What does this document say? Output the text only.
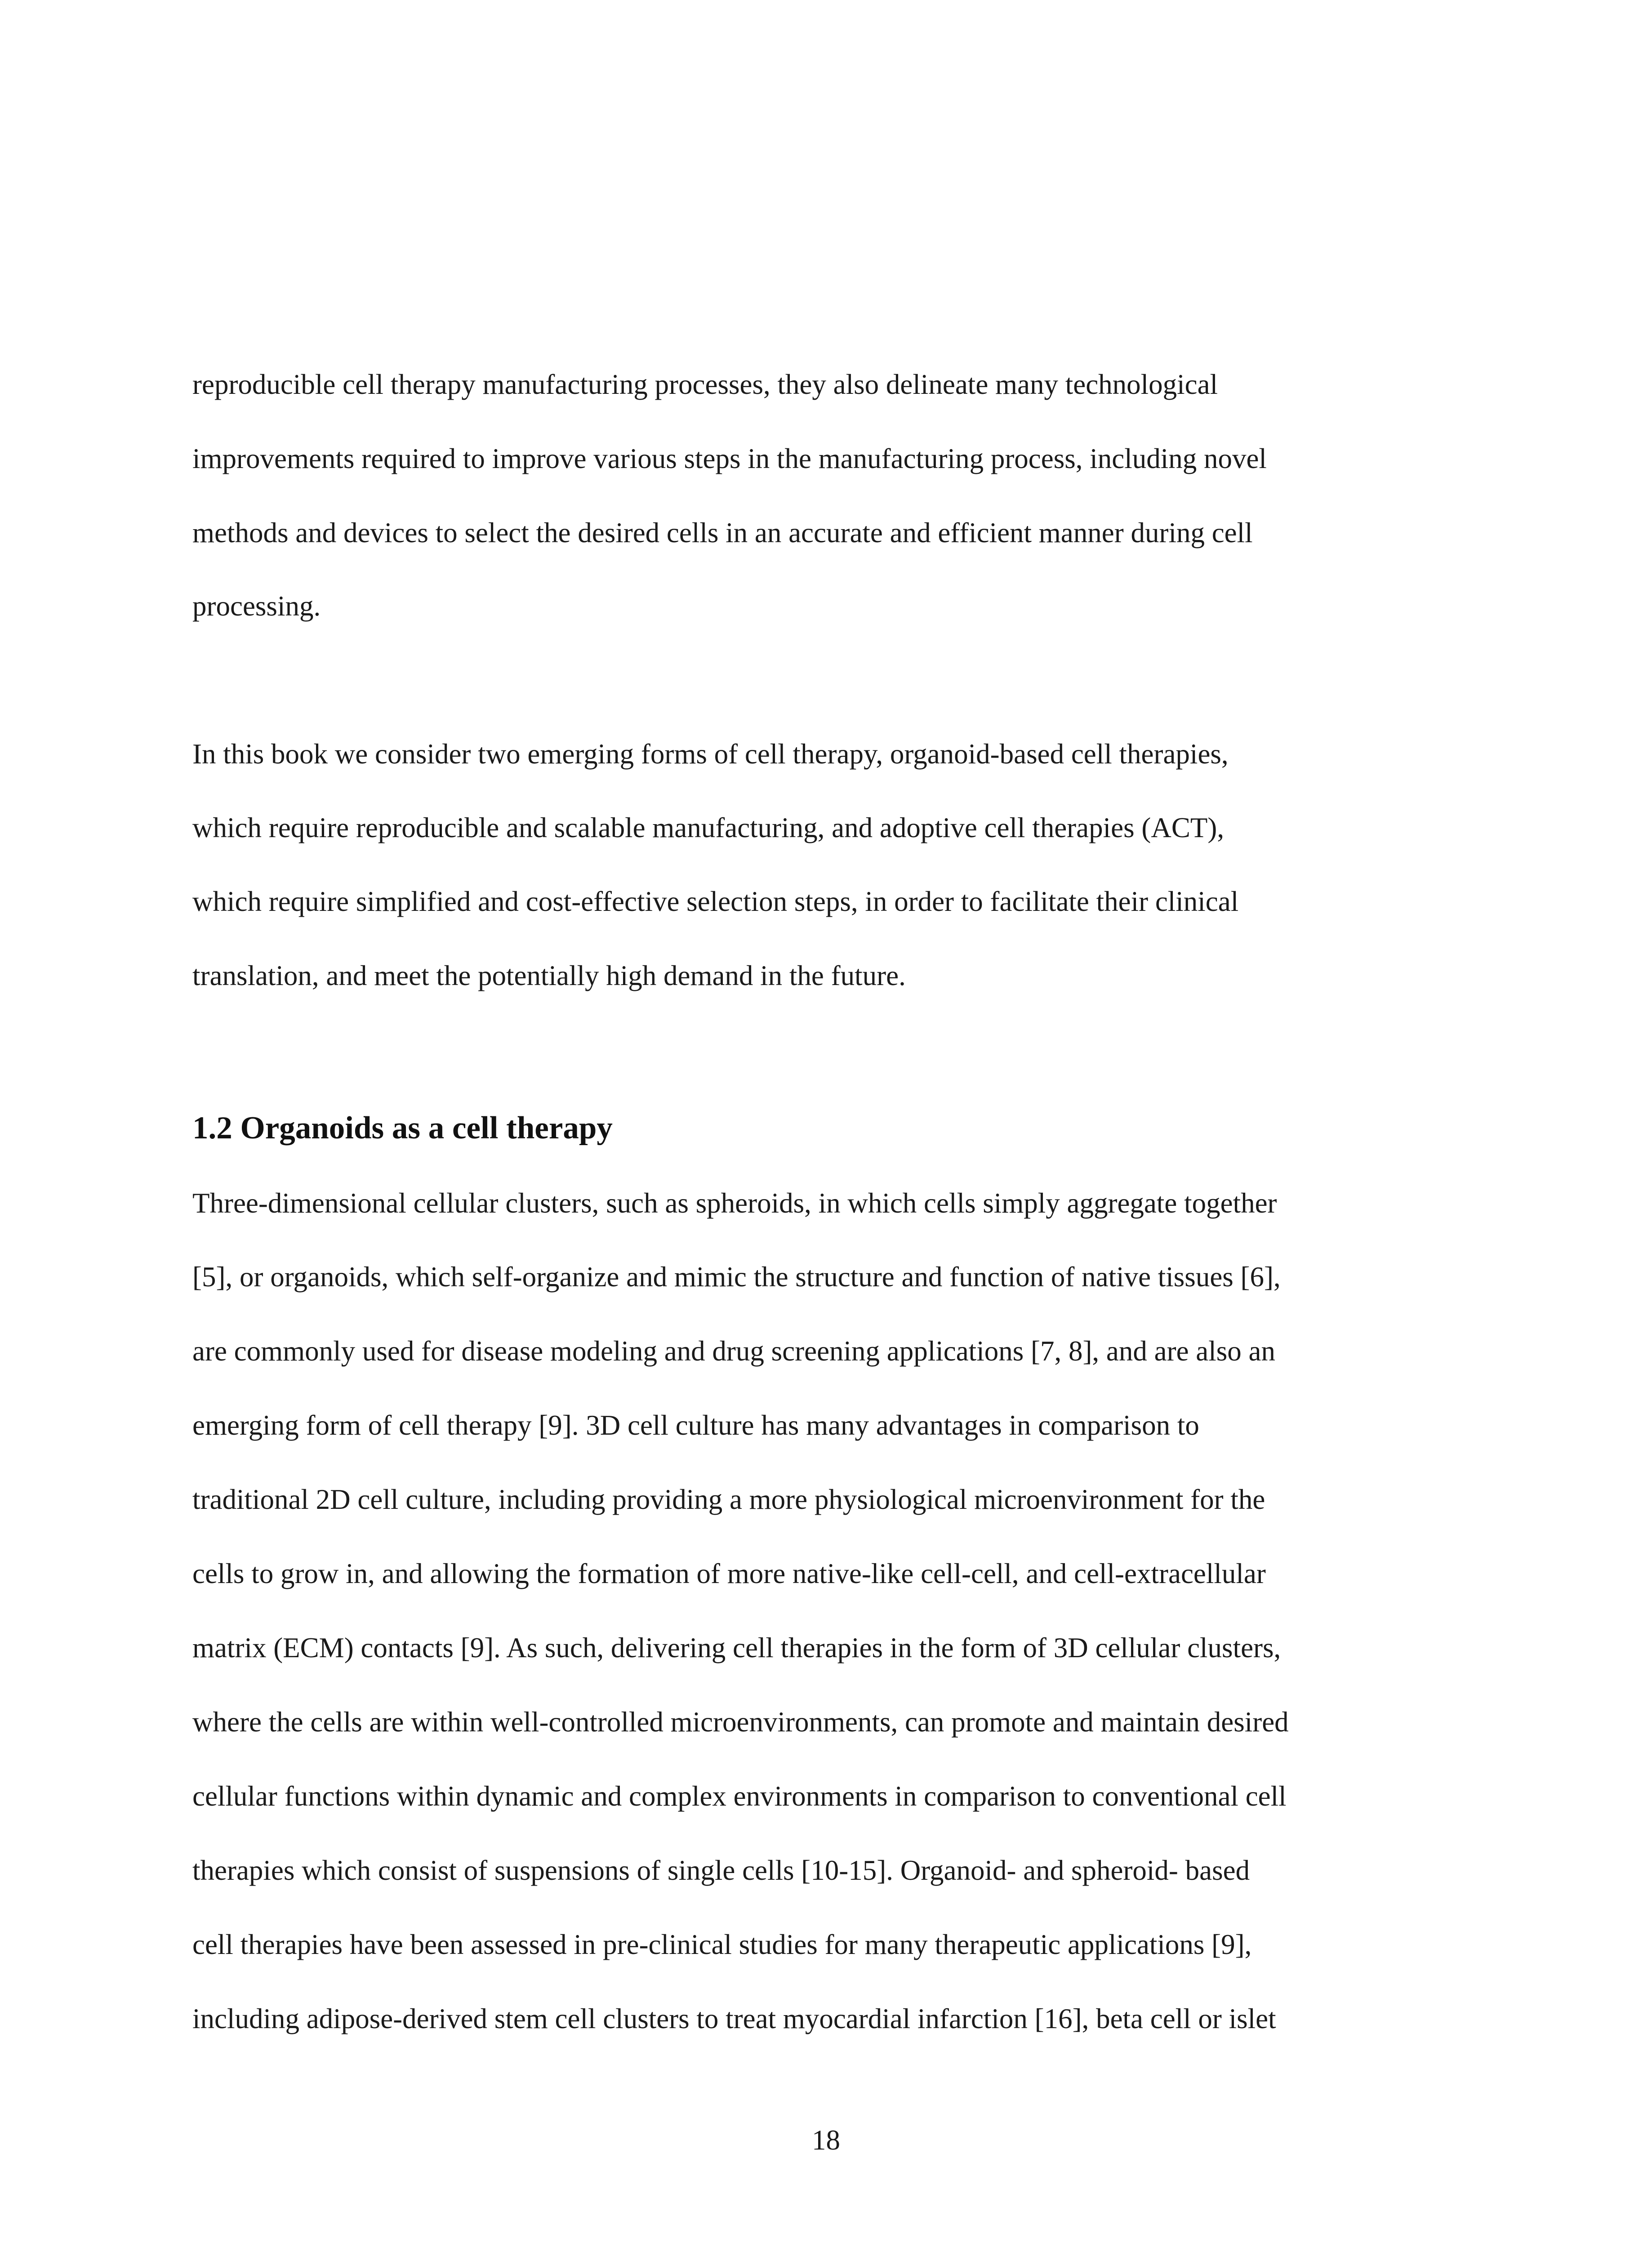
reproducible cell therapy manufacturing processes, they also delineate many technological
improvements required to improve various steps in the manufacturing process, including novel
methods and devices to select the desired cells in an accurate and efficient manner during cell
processing.
In this book we consider two emerging forms of cell therapy, organoid-based cell therapies,
which require reproducible and scalable manufacturing, and adoptive cell therapies (ACT),
which require simplified and cost-effective selection steps, in order to facilitate their clinical
translation, and meet the potentially high demand in the future.
1.2 Organoids as a cell therapy
Three-dimensional cellular clusters, such as spheroids, in which cells simply aggregate together
[5], or organoids, which self-organize and mimic the structure and function of native tissues [6],
are commonly used for disease modeling and drug screening applications [7, 8], and are also an
emerging form of cell therapy [9]. 3D cell culture has many advantages in comparison to
traditional 2D cell culture, including providing a more physiological microenvironment for the
cells to grow in, and allowing the formation of more native-like cell-cell, and cell-extracellular
matrix (ECM) contacts [9]. As such, delivering cell therapies in the form of 3D cellular clusters,
where the cells are within well-controlled microenvironments, can promote and maintain desired
cellular functions within dynamic and complex environments in comparison to conventional cell
therapies which consist of suspensions of single cells [10-15]. Organoid- and spheroid- based
cell therapies have been assessed in pre-clinical studies for many therapeutic applications [9],
including adipose-derived stem cell clusters to treat myocardial infarction [16], beta cell or islet
18
